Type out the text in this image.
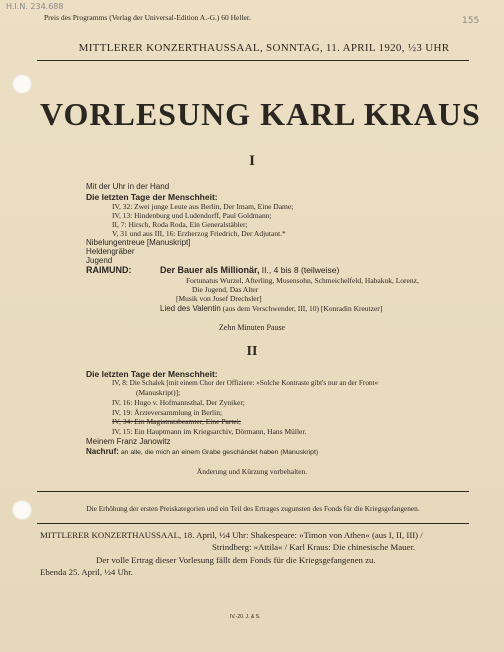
H.I.N. 234.688
155
Preis des Programms (Verlag der Universal-Edition A.-G.) 60 Heller.
MITTLERER KONZERTHAUSSAAL, SONNTAG, 11. APRIL 1920, ½3 UHR
VORLESUNG KARL KRAUS
I
Mit der Uhr in der Hand
Die letzten Tage der Menschheit:
IV, 32: Zwei junge Leute aus Berlin, Der Imam, Eine Dame;
IV, 13: Hindenburg und Ludendorff, Paul Goldmann;
II, 7: Hirsch, Roda Roda, Ein Generalstäbler;
V, 31 und aus III, 16: Erzherzog Friedrich, Der Adjutant.*
Nibelungentreue [Manuskript]
Heldengräber
Jugend
RAIMUND:	Der Bauer als Millionär, II., 4 bis 8 (teilweise)
Fortunatus Wurzel, Afterling, Musensohn, Schmeichelfeld, Habakuk, Lorenz,
Die Jugend, Das Alter
[Musik von Josef Drechsler]
Lied des Valentin (aus dem Verschwender, III, 10) [Konradin Kreutzer]
Zehn Minuten Pause
II
Die letzten Tage der Menschheit:
IV, 8: Die Schalek [mit einem Chor der Offiziere: »Solche Kontraste gibt's nur an der Front«
(Manuskript)];
IV, 16: Hugo v. Hofmannsthal, Der Zyniker;
IV, 19: Ärzteversammlung in Berlin;
IV, 34: Ein Magistratsbeamter, Eine Partei;
IV, 15: Ein Hauptmann im Kriegsarchiv, Dörmann, Hans Müller.
Meinem Franz Janowitz
Nachruf: an alle, die mich an einem Grabe geschändet haben (Manuskript)
Änderung und Kürzung vorbehalten.
Die Erhöhung der ersten Preiskategorien und ein Teil des Ertrages zugunsten des Fonds für die Kriegsgefangenen.
MITTLERER KONZERTHAUSSAAL, 18. April, ½4 Uhr: Shakespeare: »Timon von Athen« (aus I, II, III) /
Strindberg: »Attila« / Karl Kraus: Die chinesische Mauer.
Der volle Ertrag dieser Vorlesung fällt dem Fonds für die Kriegsgefangenen zu.
Ebenda 25. April, ½4 Uhr.
IV.-20. J. & S.
